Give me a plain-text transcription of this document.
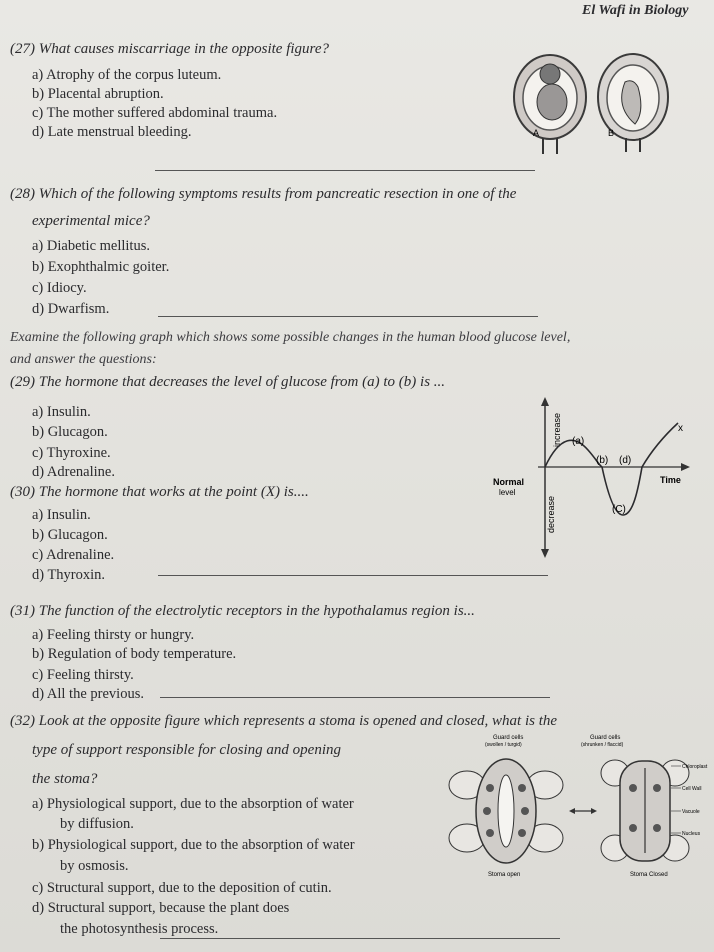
El Wafi in Biology
(27) What causes miscarriage in the opposite figure?
a) Atrophy of the corpus luteum.
b) Placental abruption.
c) The mother suffered abdominal trauma.
d) Late menstrual bleeding.	A	B
(28) Which of the following symptoms results from pancreatic resection in one of the
experimental mice?
a) Diabetic mellitus.
b) Exophthalmic goiter.
c) Idiocy.
d) Dwarfism.
Examine the following graph which shows some possible changes in the human blood glucose level,
and answer the questions:
(29) The hormone that decreases the level of glucose from (a) to (b) is ...
a) Insulin.
b) Glucagon.
c) Thyroxine.
d) Adrenaline.
(30) The hormone that works at the point (X) is....
a) Insulin.
b) Glucagon.
c) Adrenaline.
d) Thyroxin.
increase
decrease
Normal
level
Time
(a)
(b) (d)
(C)
x
(31) The function of the electrolytic receptors in the hypothalamus region is...
a) Feeling thirsty or hungry.
b) Regulation of body temperature.
c) Feeling thirsty.
d) All the previous.
(32) Look at the opposite figure which represents a stoma is opened and closed, what is the
type of support responsible for closing and opening
the stoma?
a) Physiological support, due to the absorption of water
by diffusion.
b) Physiological support, due to the absorption of water
by osmosis.
c) Structural support, due to the deposition of cutin.
d) Structural support, because the plant does
the photosynthesis process.
Guard cells
(swollen / turgid)
Guard cells
(shrunken / flaccid)
Stoma open	Stoma Closed
Chloroplast
Cell Wall
Vacuole
Nucleus
